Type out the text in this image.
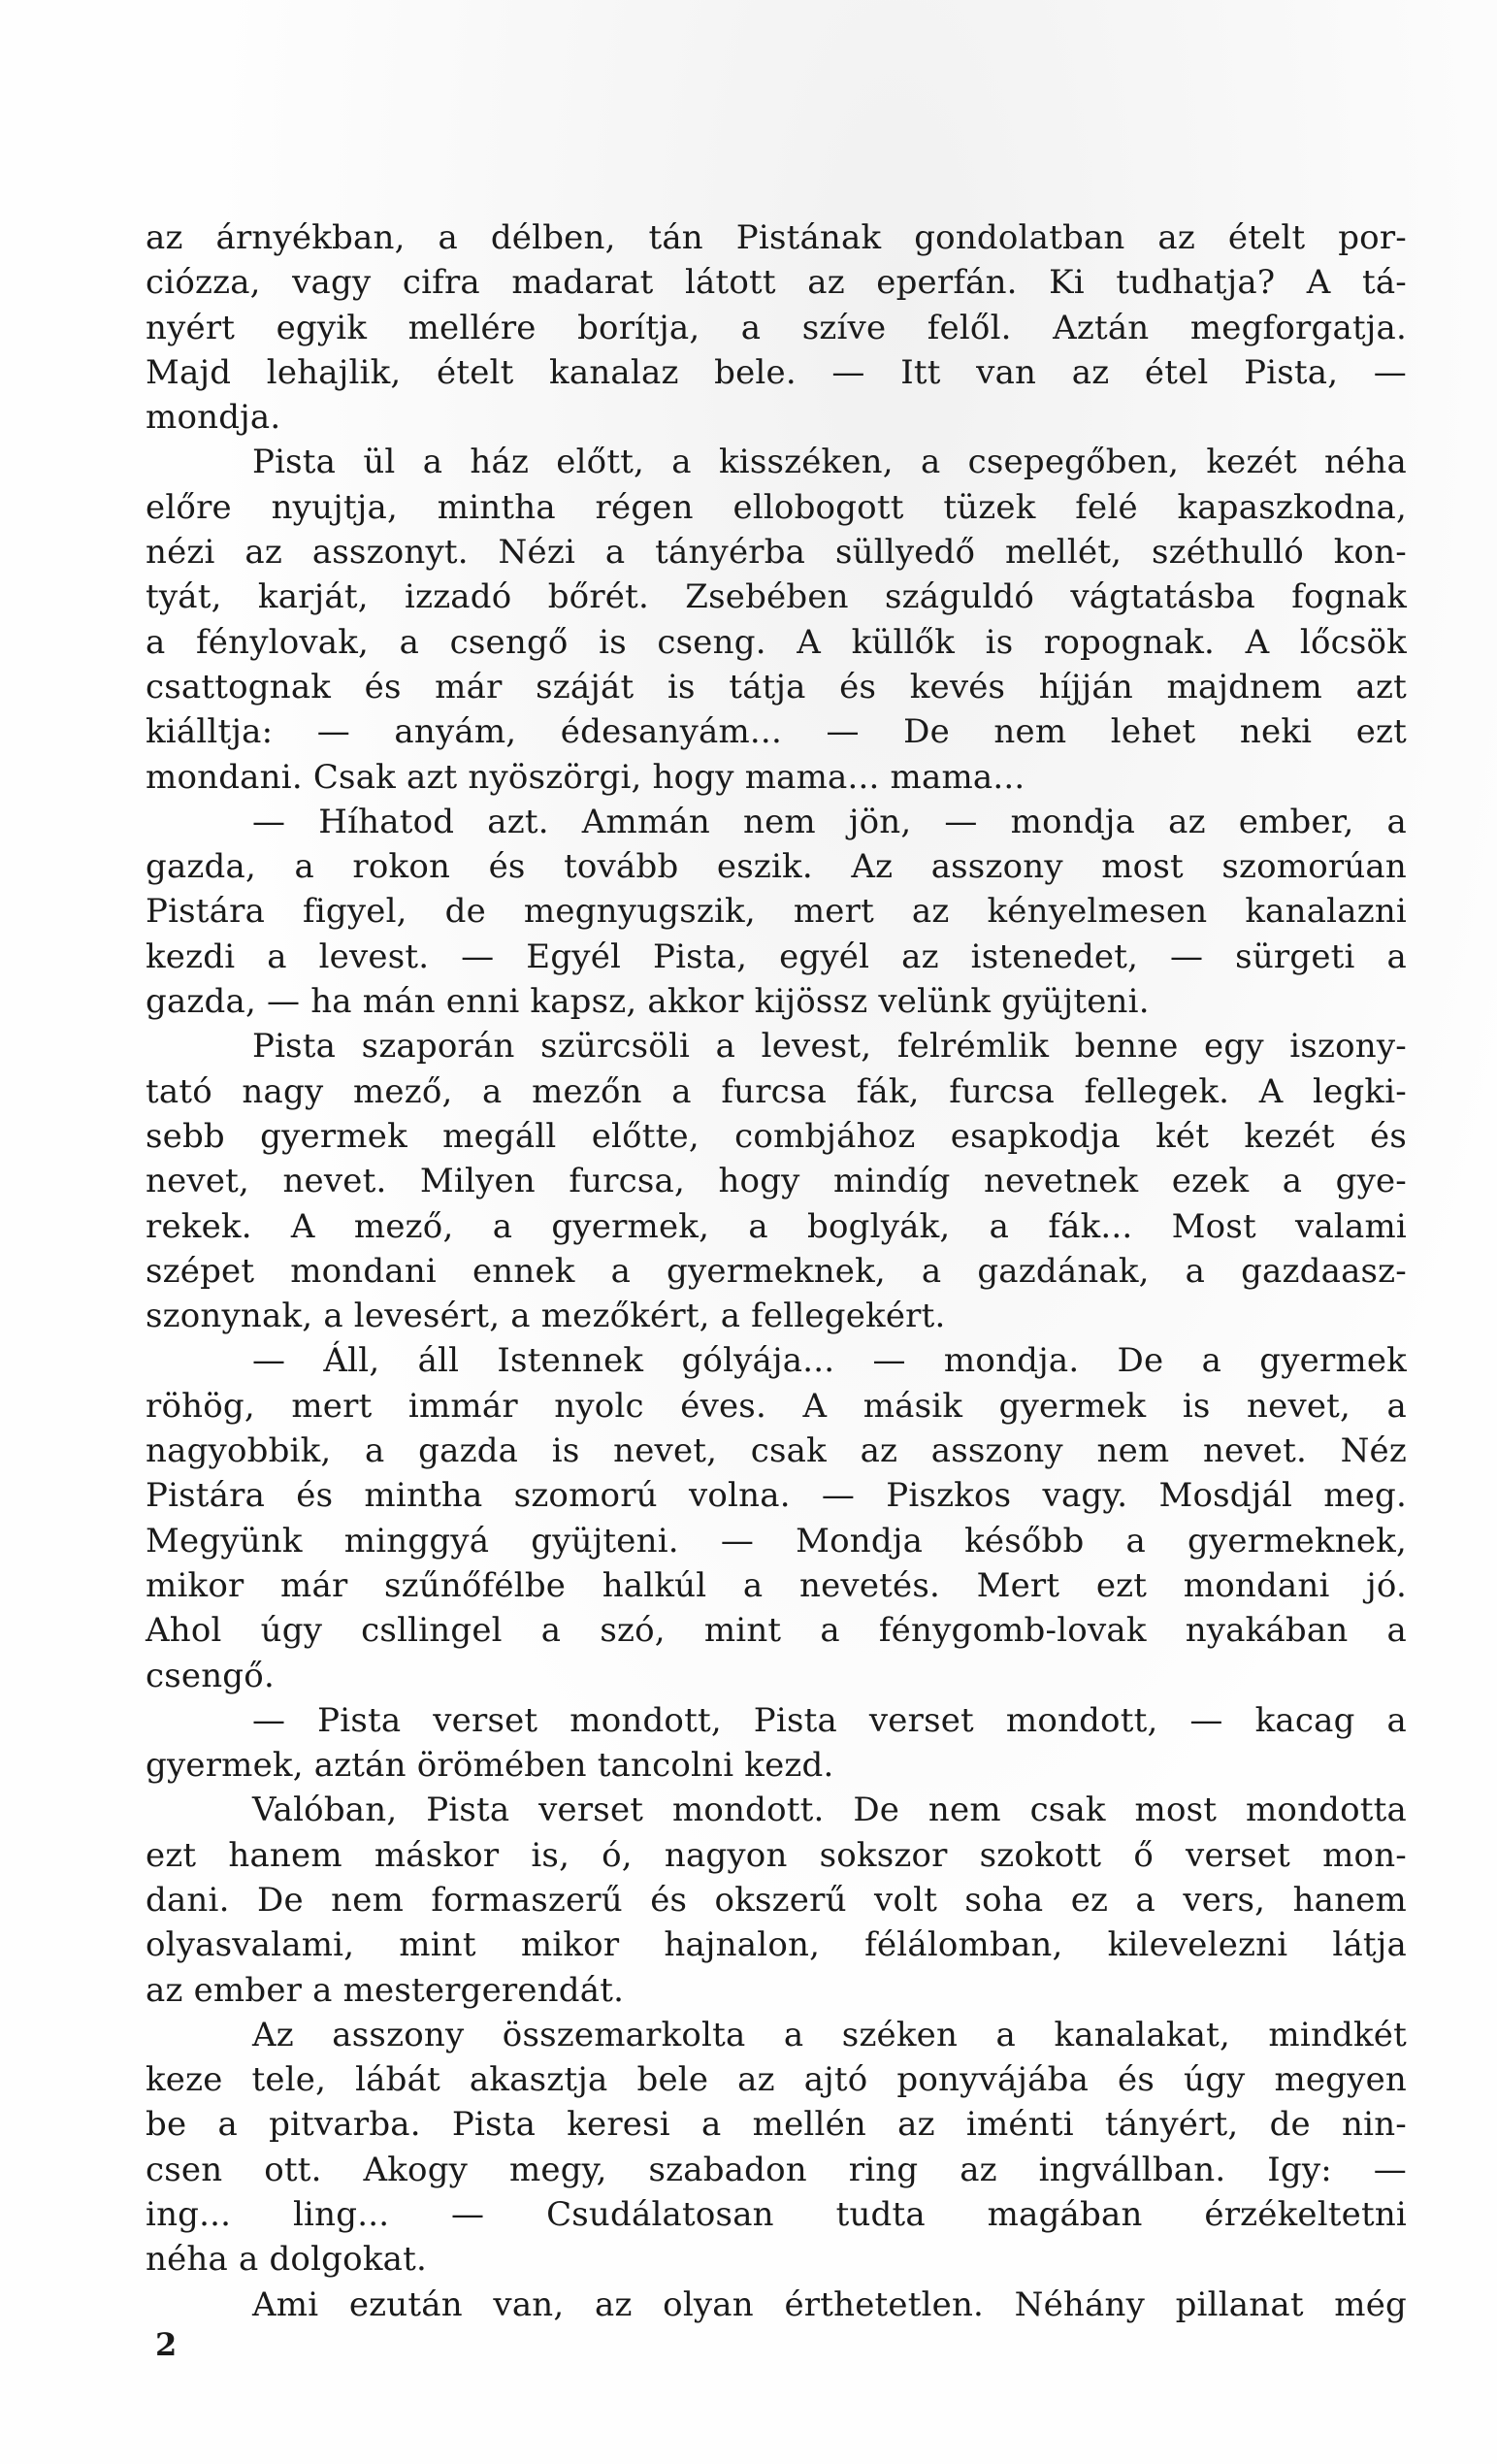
az árnyékban, a délben, tán Pistának gondolatban az ételt por-
ciózza, vagy cifra madarat látott az eperfán. Ki tudhatja? A tá-
nyért egyik mellére borítja, a szíve felől. Aztán megforgatja.
Majd lehajlik, ételt kanalaz bele. — Itt van az étel Pista, —
mondja.
Pista ül a ház előtt, a kisszéken, a csepegőben, kezét néha
előre nyujtja, mintha régen ellobogott tüzek felé kapaszkodna,
nézi az asszonyt. Nézi a tányérba süllyedő mellét, széthulló kon-
tyát, karját, izzadó bőrét. Zsebében száguldó vágtatásba fognak
a fénylovak, a csengő is cseng. A küllők is ropognak. A lőcsök
csattognak és már száját is tátja és kevés híjján majdnem azt
kiálltja: — anyám, édesanyám... — De nem lehet neki ezt
mondani. Csak azt nyöszörgi, hogy mama... mama...
— Híhatod azt. Ammán nem jön, — mondja az ember, a
gazda, a rokon és tovább eszik. Az asszony most szomorúan
Pistára figyel, de megnyugszik, mert az kényelmesen kanalazni
kezdi a levest. — Egyél Pista, egyél az istenedet, — sürgeti a
gazda, — ha mán enni kapsz, akkor kijössz velünk gyüjteni.
Pista szaporán szürcsöli a levest, felrémlik benne egy iszony-
tató nagy mező, a mezőn a furcsa fák, furcsa fellegek. A legki-
sebb gyermek megáll előtte, combjához esapkodja két kezét és
nevet, nevet. Milyen furcsa, hogy mindíg nevetnek ezek a gye-
rekek. A mező, a gyermek, a boglyák, a fák... Most valami
szépet mondani ennek a gyermeknek, a gazdának, a gazdaasz-
szonynak, a levesért, a mezőkért, a fellegekért.
— Áll, áll Istennek gólyája... — mondja. De a gyermek
röhög, mert immár nyolc éves. A másik gyermek is nevet, a
nagyobbik, a gazda is nevet, csak az asszony nem nevet. Néz
Pistára és mintha szomorú volna. — Piszkos vagy. Mosdjál meg.
Megyünk minggyá gyüjteni. — Mondja később a gyermeknek,
mikor már szűnőfélbe halkúl a nevetés. Mert ezt mondani jó.
Ahol úgy csllingel a szó, mint a fénygomb-lovak nyakában a
csengő.
— Pista verset mondott, Pista verset mondott, — kacag a
gyermek, aztán örömében tancolni kezd.
Valóban, Pista verset mondott. De nem csak most mondotta
ezt hanem máskor is, ó, nagyon sokszor szokott ő verset mon-
dani. De nem formaszerű és okszerű volt soha ez a vers, hanem
olyasvalami, mint mikor hajnalon, félálomban, kilevelezni látja
az ember a mestergerendát.
Az asszony összemarkolta a széken a kanalakat, mindkét
keze tele, lábát akasztja bele az ajtó ponyvájába és úgy megyen
be a pitvarba. Pista keresi a mellén az iménti tányért, de nin-
csen ott. Akogy megy, szabadon ring az ingvállban. Igy: —
ing... ling... — Csudálatosan tudta magában érzékeltetni
néha a dolgokat.
Ami ezután van, az olyan érthetetlen. Néhány pillanat még
2
